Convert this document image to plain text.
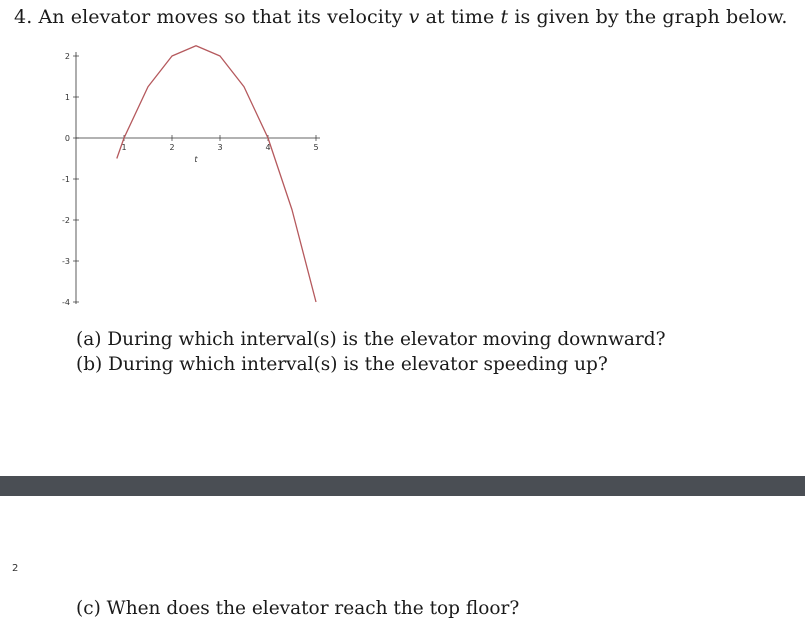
4. An elevator moves so that its velocity v at time t is given by the graph below.
2
1
0
-1
-2
-3
-4
1	2	3	4	5
t
(a) During which interval(s) is the elevator moving downward?
(b) During which interval(s) is the elevator speeding up?
2
(c) When does the elevator reach the top floor?
